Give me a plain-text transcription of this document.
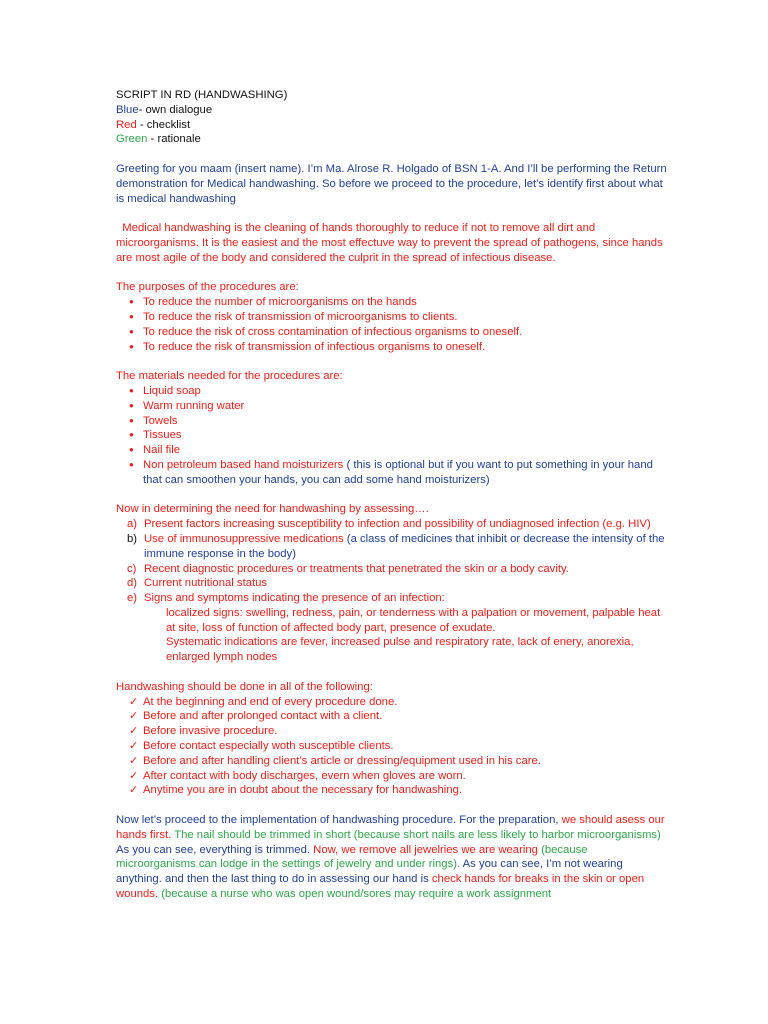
SCRIPT IN RD (HANDWASHING)

Blue- own dialogue

Red - checklist

Green - rationale

Greeting for you maam (insert name). I’m Ma. Alrose R. Holgado of BSN 1-A. And I’ll be performing the Return demonstration for Medical handwashing. So before we proceed to the procedure, let’s identify first about what is medical handwashing

Medical handwashing is the cleaning of hands thoroughly to reduce if not to remove all dirt and microorganisms. It is the easiest and the most effectuve way to prevent the spread of pathogens, since hands are most agile of the body and considered the culprit in the spread of infectious disease.

The purposes of the procedures are:

● To reduce the number of microorganisms on the hands
● To reduce the risk of transmission of microorganisms to clients.
● To reduce the risk of cross contamination of infectious organisms to oneself.
● To reduce the risk of transmission of infectious organisms to oneself.

The materials needed for the procedures are:

● Liquid soap
● Warm running water
● Towels
● Tissues
● Nail file
● Non petroleum based hand moisturizers ( this is optional but if you want to put something in your hand that can smoothen your hands, you can add some hand moisturizers)

Now in determining the need for handwashing by assessing….

a) Present factors increasing susceptibility to infection and possibility of undiagnosed infection (e.g. HIV)
b) Use of immunosuppressive medications (a class of medicines that inhibit or decrease the intensity of the immune response in the body)
c) Recent diagnostic procedures or treatments that penetrated the skin or a body cavity.
d) Current nutritional status
e) Signs and symptoms indicating the presence of an infection:

localized signs: swelling, redness, pain, or tenderness with a palpation or movement, palpable heat at site, loss of function of affected body part, presence of exudate.

Systematic indications are fever, increased pulse and respiratory rate, lack of enery, anorexia, enlarged lymph nodes

Handwashing should be done in all of the following:

✓ At the beginning and end of every procedure done.
✓ Before and after prolonged contact with a client.
✓ Before invasive procedure.
✓ Before contact especially woth susceptible clients.
✓ Before and after handling client’s article or dressing/equipment used in his care.
✓ After contact with body discharges, evern when gloves are worn.
✓ Anytime you are in doubt about the necessary for handwashing.

Now let’s proceed to the implementation of handwashing procedure. For the preparation, we should asess our hands first. The nail should be trimmed in short (because short nails are less likely to harbor microorganisms) As you can see, everything is trimmed. Now, we remove all jewelries we are wearing (because microorganisms can lodge in the settings of jewelry and under rings). As you can see, I’m not wearing anything. and then the last thing to do in assessing our hand is check hands for breaks in the skin or open wounds. (because a nurse who was open wound/sores may require a work assignment
